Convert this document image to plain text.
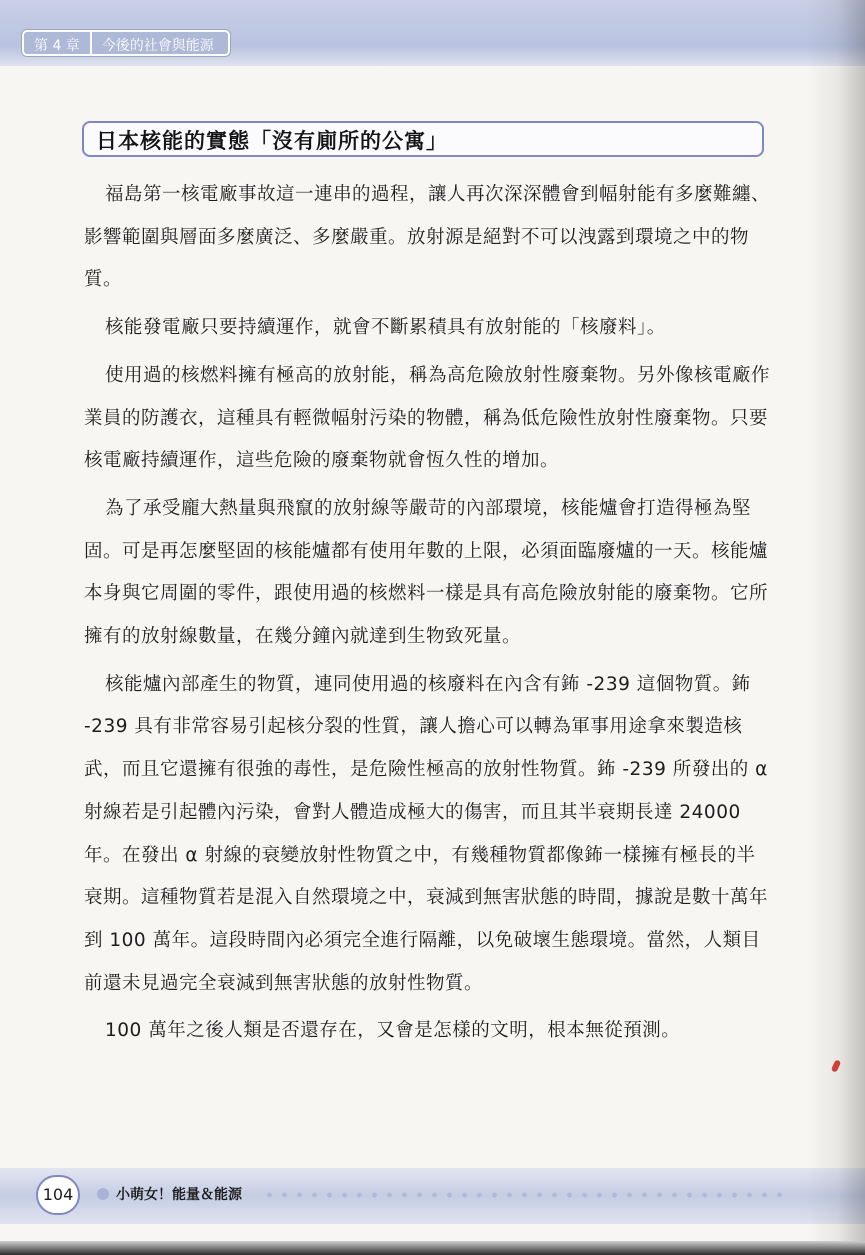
第 4 章	今後的社會與能源
日本核能的實態「沒有廁所的公寓」

福島第一核電廠事故這一連串的過程，讓人再次深深體會到幅射能有多麼難纏、影響範圍與層面多麼廣泛、多麼嚴重。放射源是絕對不可以洩露到環境之中的物質。

核能發電廠只要持續運作，就會不斷累積具有放射能的「核廢料」。

使用過的核燃料擁有極高的放射能，稱為高危險放射性廢棄物。另外像核電廠作業員的防護衣，這種具有輕微幅射污染的物體，稱為低危險性放射性廢棄物。只要核電廠持續運作，這些危險的廢棄物就會恆久性的增加。

為了承受龐大熱量與飛竄的放射線等嚴苛的內部環境，核能爐會打造得極為堅固。可是再怎麼堅固的核能爐都有使用年數的上限，必須面臨廢爐的一天。核能爐本身與它周圍的零件，跟使用過的核燃料一樣是具有高危險放射能的廢棄物。它所擁有的放射線數量，在幾分鐘內就達到生物致死量。

核能爐內部產生的物質，連同使用過的核廢料在內含有鈽 -239 這個物質。鈽 -239 具有非常容易引起核分裂的性質，讓人擔心可以轉為軍事用途拿來製造核武，而且它還擁有很強的毒性，是危險性極高的放射性物質。鈽 -239 所發出的 α 射線若是引起體內污染，會對人體造成極大的傷害，而且其半衰期長達 24000 年。在發出 α 射線的衰變放射性物質之中，有幾種物質都像鈽一樣擁有極長的半衰期。這種物質若是混入自然環境之中，衰減到無害狀態的時間，據說是數十萬年到 100 萬年。這段時間內必須完全進行隔離，以免破壞生態環境。當然，人類目前還未見過完全衰減到無害狀態的放射性物質。

100 萬年之後人類是否還存在，又會是怎樣的文明，根本無從預測。

104	小萌女！能量＆能源
